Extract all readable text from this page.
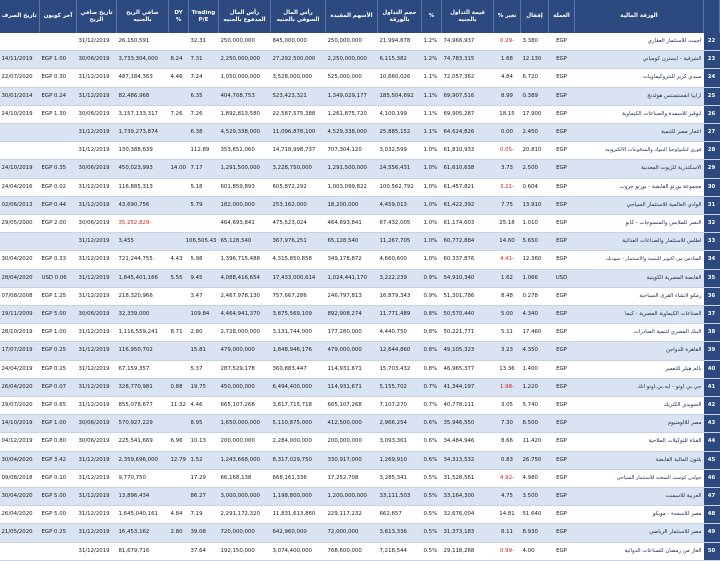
	الورقة المالية	العملة	إقفال	تغير %	قيمة التداول بالجنيه	%	حجم التداول بالورقة	الأسهم المقيدة	رأس المال السوقي بالجنيه	رأس المال المدفوع بالجنيه	Trading P/E	DY %	صافي الربح بالجنيه	تاريخ صافي الربح	آخر كوبون	تاريخ الصرف
22	اجيبت للاستثمار العقاري	EGP	3.380	-0.29	74,966,937	1.2%	21,994,678	250,000,000	845,000,000	250,000,000	32.31		26,150,591	31/12/2019		
23	الشرقية - ايسترن كومباني	EGP	12.130	1.68	74,783,315	1.2%	6,115,382	2,250,000,000	27,292,500,000	2,250,000,000	7.31	8.24	3,733,304,000	30/06/2019	EGP 1.00	14/11/2019
24	سيدي كرير للبتروكيماويات	EGP	6.720	4.84	72,057,362	1.1%	10,660,026	525,000,000	3,528,000,000	1,050,000,000	7.24	4.46	487,184,363	31/12/2019	EGP 0.30	22/07/2020
25	ارابيا انفستمنتس هولدنج	EGP	0.389	8.99	69,907,516	1.1%	185,504,692	1,349,029,177	523,423,321	404,708,753	6.35		82,486,968	31/12/2019	EGP 0.24	30/01/2014
26	ابوقير للاسمدة والصناعات الكيماوية	EGP	17.900	18.15	69,905,287	1.1%	4,100,199	1,261,875,720	22,587,575,388	1,892,813,580	7.26	7.26	3,157,133,317	30/06/2019	EGP 1.30	24/10/2019
27	اعمار مصر للتنمية	EGP	2.450	0.00	64,624,826	1.1%	25,885,152	4,529,338,000	11,096,878,100	4,529,338,000	6.38		1,739,273,874	31/12/2019		
28	فوري لتكنولوجيا البنوك والمدفوعات الالكترونية	EGP	20.810	-0.05	61,810,933	1.0%	3,032,599	707,304,120	14,718,998,737	353,652,060	112.89		130,388,639	31/12/2019		
29	الاسكندرية للزيوت المعدنية	EGP	2.500	3.73	61,610,638	1.0%	24,556,431	1,291,500,000	3,228,750,000	1,291,500,000	7.17	14.00	450,023,993	30/06/2019	EGP 0.35	24/10/2019
30	مجموعة بورتو القابضة - بورتو جروب	EGP	0.604	-3.21	61,457,821	1.0%	100,562,792	1,003,099,822	605,872,292	601,859,893	5.18		116,885,313	31/12/2019	EGP 0.02	24/04/2016
31	الوادي العالمية للاستثمار السياحي	EGP	13.910	7.75	61,422,392	1.0%	4,459,013	18,200,000	253,162,000	182,000,000	5.79		43,690,756	31/12/2019	EGP 0.44	02/06/2013
32	النصر للملابس والمنسوجات - كابو	EGP	1.010	25.18	61,174,603	1.0%	67,432,005	464,693,841	475,523,024	464,693,841			-35,252,829	30/06/2019	EGP 2.00	29/05/2000
33	اطلس للاستثمار والصناعات الغذائية	EGP	5.650	14.60	60,772,884	1.0%	11,267,705	65,128,540	367,976,251	65,128,540	106,505.43		3,455	31/12/2019		
34	السادس من اكتوبر للتنمية والاستثمار - سوديك	EGP	12.360	-4.41	60,337,876	1.0%	4,660,600	349,178,872	4,315,850,858	1,396,715,488	5.98	4.43	721,244,755	31/12/2019	EGP 0.33	30/04/2020
35	القابضة المصرية الكويتية	USD	1.066	1.62	54,910,340	0.9%	3,222,239	1,024,441,170	17,433,000,614	4,088,416,654	9.45	5.55	1,845,401,166	31/12/2019	USD 0.06	28/04/2020
36	رمكو لانشاء القرى السياحية	EGP	0.278	8.48	51,301,786	0.9%	16,879,343	246,797,813	757,667,286	2,467,978,130	3.47		218,320,966	31/12/2019	EGP 1.25	07/08/2008
37	الصناعات الكيماوية المصرية - كيما	EGP	4.340	5.00	50,570,440	0.8%	11,771,489	892,908,274	3,875,569,109	4,464,941,370	109.84		32,339,000	30/06/2019	EGP 5.00	19/11/2009
38	البنك المصري لتنمية الصادرات	EGP	17.460	5.11	50,221,771	0.8%	4,440,750	177,280,000	3,131,744,000	2,728,000,000	2.80	8.71	1,116,559,241	31/12/2019	EGP 1.00	28/10/2019
39	القاهرة للدواجن	EGP	4.350	3.23	49,105,323	0.8%	12,644,860	479,000,000	1,848,946,176	479,000,000	15.81		116,950,702	31/12/2019	EGP 0.25	17/07/2019
40	بالم هيلز للتعمير	EGP	1.400	13.36	46,965,377	0.8%	15,703,432	114,931,671	360,883,447	287,529,178	5.37		67,159,357	31/12/2019	EGP 0.25	24/04/2019
41	جي بي اوتو - ايه.بي.اوتو انك	EGP	1.220	-1.98	41,344,197	0.7%	5,155,702	114,931,671	6,494,400,000	450,000,000	19.75	0.88	328,770,981	31/12/2019	EGP 0.07	26/04/2020
42	السويدي الكتريك	EGP	5.740	3.05	40,778,111	0.7%	7,107,270	665,107,268	3,817,715,718	665,107,268	4.46	11.32	855,078,677	31/12/2019	EGP 0.65	29/07/2020
43	مصر للالومنيوم	EGP	8.500	7.30	35,946,550	0.6%	2,966,254	412,500,000	5,110,875,000	1,650,000,000	8.95		570,927,229	30/06/2019	EGP 1.00	14/10/2019
44	القناة للتوكيلات الملاحية	EGP	11.420	8.66	34,484,946	0.6%	3,093,361	200,000,000	2,284,000,000	200,000,000	10.13	6.96	225,541,669	30/06/2019	EGP 0.80	04/12/2019
45	بلتون المالية القابضة	EGP	26.750	0.83	34,313,532	0.6%	1,269,910	330,917,000	8,317,029,750	1,243,668,000	1.52	12.79	2,359,696,000	31/12/2019	EGP 3.42	30/04/2020
46	جولدن كوست السخنة للاستثمار السياحي	EGP	4.980	-4.92	31,528,561	0.5%	3,285,341	17,252,708	668,161,336	66,168,138	17.29		9,770,750	31/12/2019	EGP 0.10	09/08/2018
47	العربية للاسمنت	EGP	3.500	4.75	33,164,300	0.5%	33,111,503	1,200,000,000	1,198,800,000	3,000,000,000	86.27		13,896,434	31/12/2019	EGP 5.00	30/04/2020
48	مصر للاسمدة - موبكو	EGP	51.640	14.81	32,676,004	0.5%	662,657	229,117,232	11,831,613,860	2,291,172,320	7.19	4.84	1,645,040,161	31/12/2019	EGP 5.00	26/04/2020
49	مصر للاستثمار الرياضي	EGP	8.930	8.11	31,373,183	0.5%	3,613,336	72,000,000	642,960,000	720,000,000	39.08	2.80	16,453,162	31/12/2019	EGP 0.25	21/05/2020
50	الغاز من رمضان للصناعات الدوائية	EGP	4.00	-0.99	29,118,268	0.5%	7,218,544	768,600,000	3,074,400,000	192,150,000	37.64		81,679,716	31/12/2019		
